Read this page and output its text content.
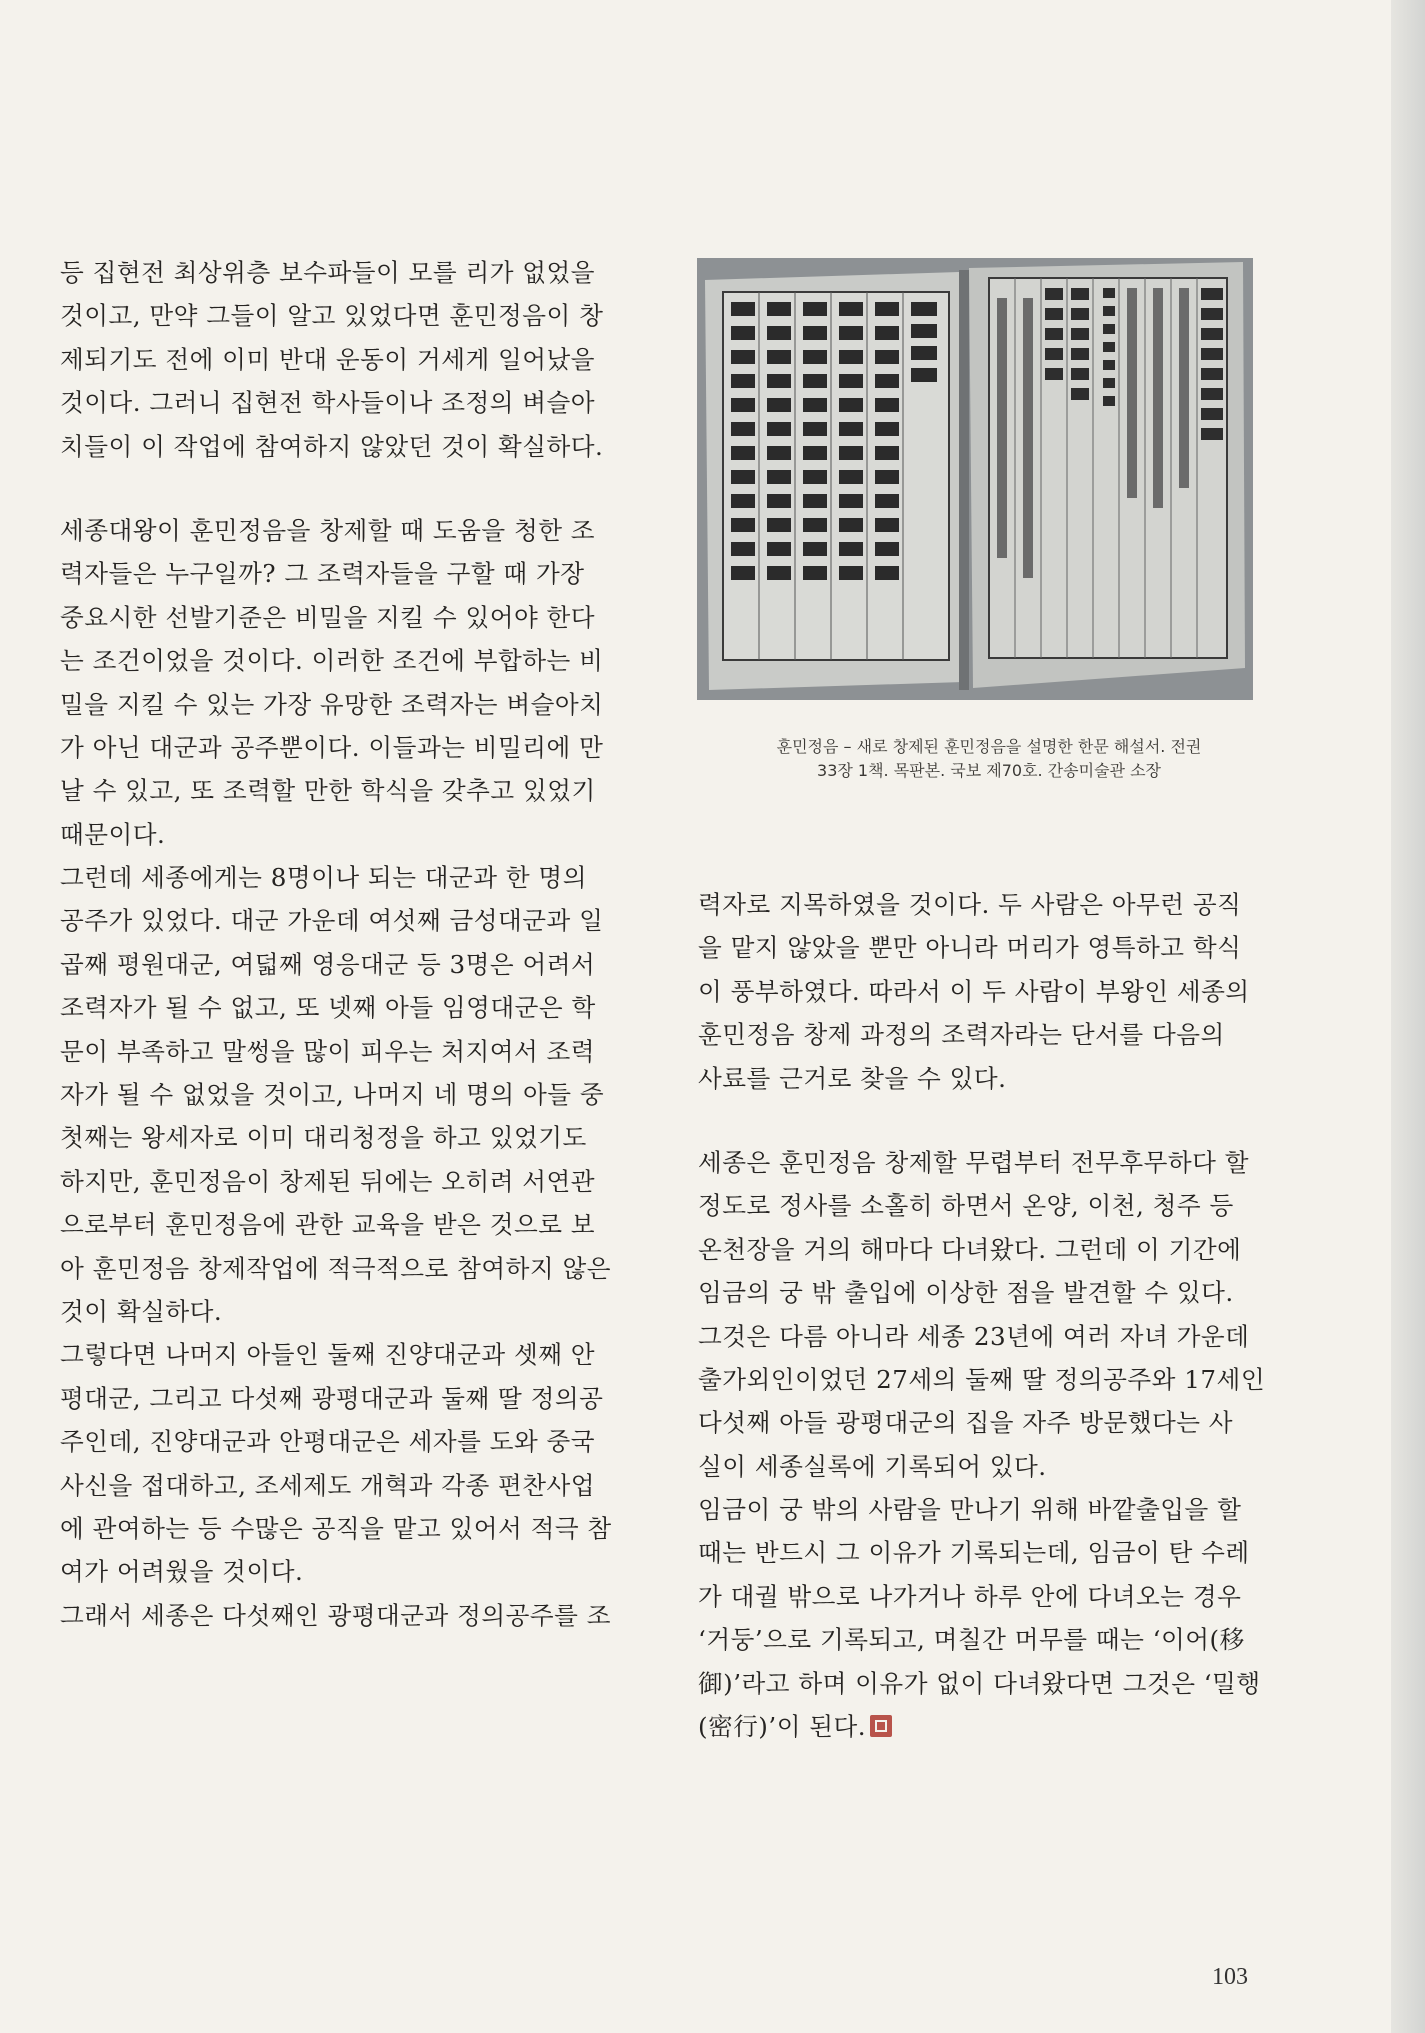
등 집현전 최상위층 보수파들이 모를 리가 없었을
것이고, 만약 그들이 알고 있었다면 훈민정음이 창
제되기도 전에 이미 반대 운동이 거세게 일어났을
것이다. 그러니 집현전 학사들이나 조정의 벼슬아
치들이 이 작업에 참여하지 않았던 것이 확실하다.

세종대왕이 훈민정음을 창제할 때 도움을 청한 조
력자들은 누구일까? 그 조력자들을 구할 때 가장
중요시한 선발기준은 비밀을 지킬 수 있어야 한다
는 조건이었을 것이다. 이러한 조건에 부합하는 비
밀을 지킬 수 있는 가장 유망한 조력자는 벼슬아치
가 아닌 대군과 공주뿐이다. 이들과는 비밀리에 만
날 수 있고, 또 조력할 만한 학식을 갖추고 있었기
때문이다.

그런데 세종에게는 8명이나 되는 대군과 한 명의
공주가 있었다. 대군 가운데 여섯째 금성대군과 일
곱째 평원대군, 여덟째 영응대군 등 3명은 어려서
조력자가 될 수 없고, 또 넷째 아들 임영대군은 학
문이 부족하고 말썽을 많이 피우는 처지여서 조력
자가 될 수 없었을 것이고, 나머지 네 명의 아들 중
첫째는 왕세자로 이미 대리청정을 하고 있었기도
하지만, 훈민정음이 창제된 뒤에는 오히려 서연관
으로부터 훈민정음에 관한 교육을 받은 것으로 보
아 훈민정음 창제작업에 적극적으로 참여하지 않은
것이 확실하다.

그렇다면 나머지 아들인 둘째 진양대군과 셋째 안
평대군, 그리고 다섯째 광평대군과 둘째 딸 정의공
주인데, 진양대군과 안평대군은 세자를 도와 중국
사신을 접대하고, 조세제도 개혁과 각종 편찬사업
에 관여하는 등 수많은 공직을 맡고 있어서 적극 참
여가 어려웠을 것이다.

그래서 세종은 다섯째인 광평대군과 정의공주를 조

훈민정음 – 새로 창제된 훈민정음을 설명한 한문 해설서. 전권
33장 1책. 목판본. 국보 제70호. 간송미술관 소장

력자로 지목하였을 것이다. 두 사람은 아무런 공직
을 맡지 않았을 뿐만 아니라 머리가 영특하고 학식
이 풍부하였다. 따라서 이 두 사람이 부왕인 세종의
훈민정음 창제 과정의 조력자라는 단서를 다음의
사료를 근거로 찾을 수 있다.

세종은 훈민정음 창제할 무렵부터 전무후무하다 할
정도로 정사를 소홀히 하면서 온양, 이천, 청주 등
온천장을 거의 해마다 다녀왔다. 그런데 이 기간에
임금의 궁 밖 출입에 이상한 점을 발견할 수 있다.
그것은 다름 아니라 세종 23년에 여러 자녀 가운데
출가외인이었던 27세의 둘째 딸 정의공주와 17세인
다섯째 아들 광평대군의 집을 자주 방문했다는 사
실이 세종실록에 기록되어 있다.

임금이 궁 밖의 사람을 만나기 위해 바깥출입을 할
때는 반드시 그 이유가 기록되는데, 임금이 탄 수레
가 대궐 밖으로 나가거나 하루 안에 다녀오는 경우
‘거둥’으로 기록되고, 며칠간 머무를 때는 ‘이어(移
御)’라고 하며 이유가 없이 다녀왔다면 그것은 ‘밀행
(密行)’이 된다.

103
